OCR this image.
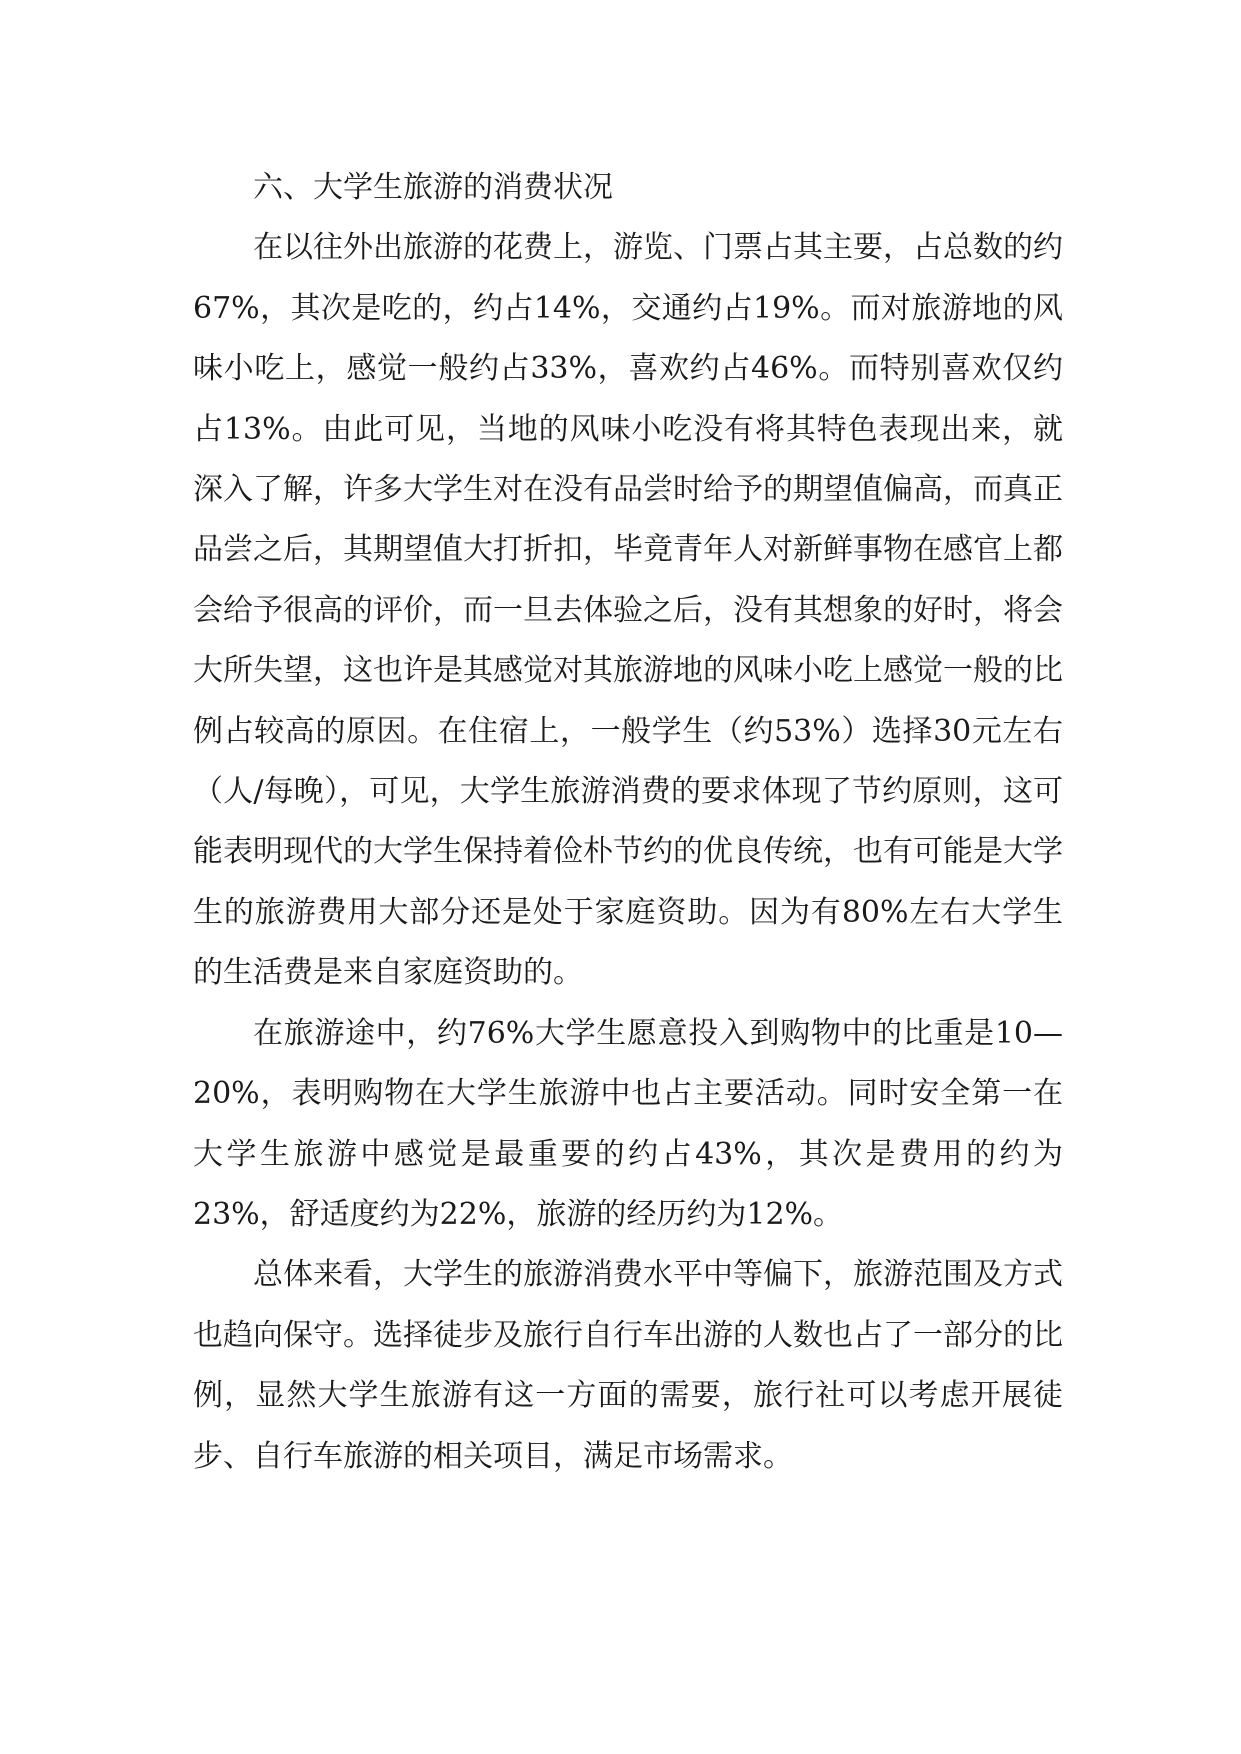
六、大学生旅游的消费状况

在以往外出旅游的花费上，游览、门票占其主要，占总数的约67%，其次是吃的，约占14%，交通约占19%。而对旅游地的风味小吃上，感觉一般约占33%，喜欢约占46%。而特别喜欢仅约占13%。由此可见，当地的风味小吃没有将其特色表现出来，就深入了解，许多大学生对在没有品尝时给予的期望值偏高，而真正品尝之后，其期望值大打折扣，毕竟青年人对新鲜事物在感官上都会给予很高的评价，而一旦去体验之后，没有其想象的好时，将会大所失望，这也许是其感觉对其旅游地的风味小吃上感觉一般的比例占较高的原因。在住宿上，一般学生（约53%）选择30元左右（人/每晚），可见，大学生旅游消费的要求体现了节约原则，这可能表明现代的大学生保持着俭朴节约的优良传统，也有可能是大学生的旅游费用大部分还是处于家庭资助。因为有80%左右大学生的生活费是来自家庭资助的。

在旅游途中，约76%大学生愿意投入到购物中的比重是10—20%，表明购物在大学生旅游中也占主要活动。同时安全第一在大学生旅游中感觉是最重要的约占43%，其次是费用的约为23%，舒适度约为22%，旅游的经历约为12%。

总体来看，大学生的旅游消费水平中等偏下，旅游范围及方式也趋向保守。选择徒步及旅行自行车出游的人数也占了一部分的比例，显然大学生旅游有这一方面的需要，旅行社可以考虑开展徒步、自行车旅游的相关项目，满足市场需求。
